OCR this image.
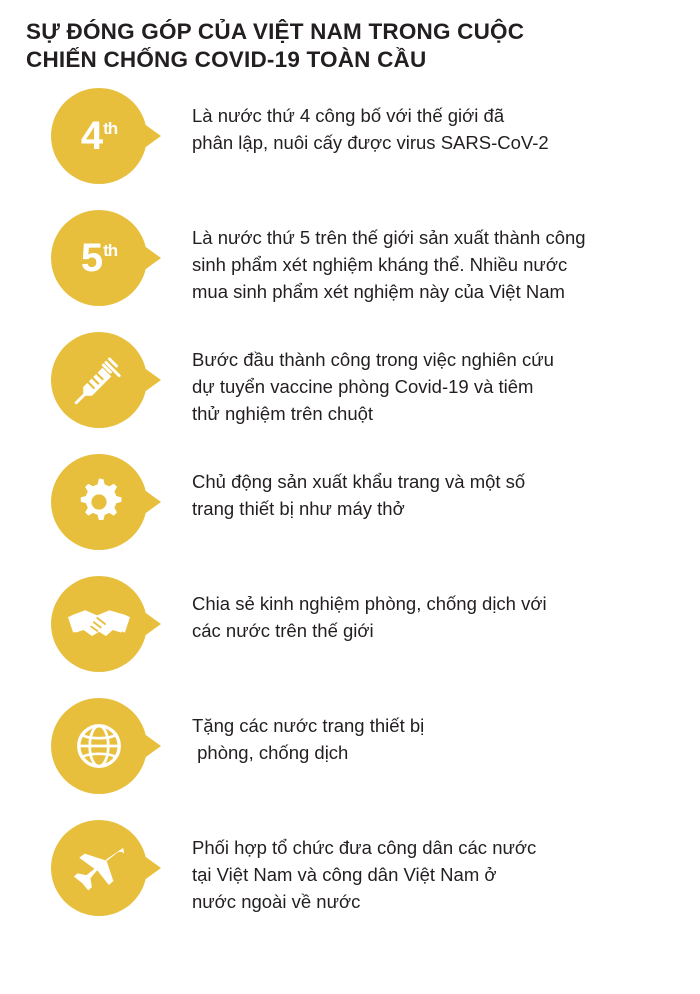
SỰ ĐÓNG GÓP CỦA VIỆT NAM TRONG CUỘC CHIẾN CHỐNG COVID-19 TOÀN CẦU
4th
Là nước thứ 4 công bố với thế giới đã
phân lập, nuôi cấy được virus SARS-CoV-2
5th
Là nước thứ 5 trên thế giới sản xuất thành công
sinh phẩm xét nghiệm kháng thể. Nhiều nước
mua sinh phẩm xét nghiệm này của Việt Nam
Bước đầu thành công trong việc nghiên cứu
dự tuyển vaccine phòng Covid-19 và tiêm
thử nghiệm trên chuột
Chủ động sản xuất khẩu trang và một số
trang thiết bị như máy thở
Chia sẻ kinh nghiệm phòng, chống dịch với
các nước trên thế giới
Tặng các nước trang thiết bị
phòng, chống dịch
Phối hợp tổ chức đưa công dân các nước
tại Việt Nam và công dân Việt Nam ở
nước ngoài về nước
